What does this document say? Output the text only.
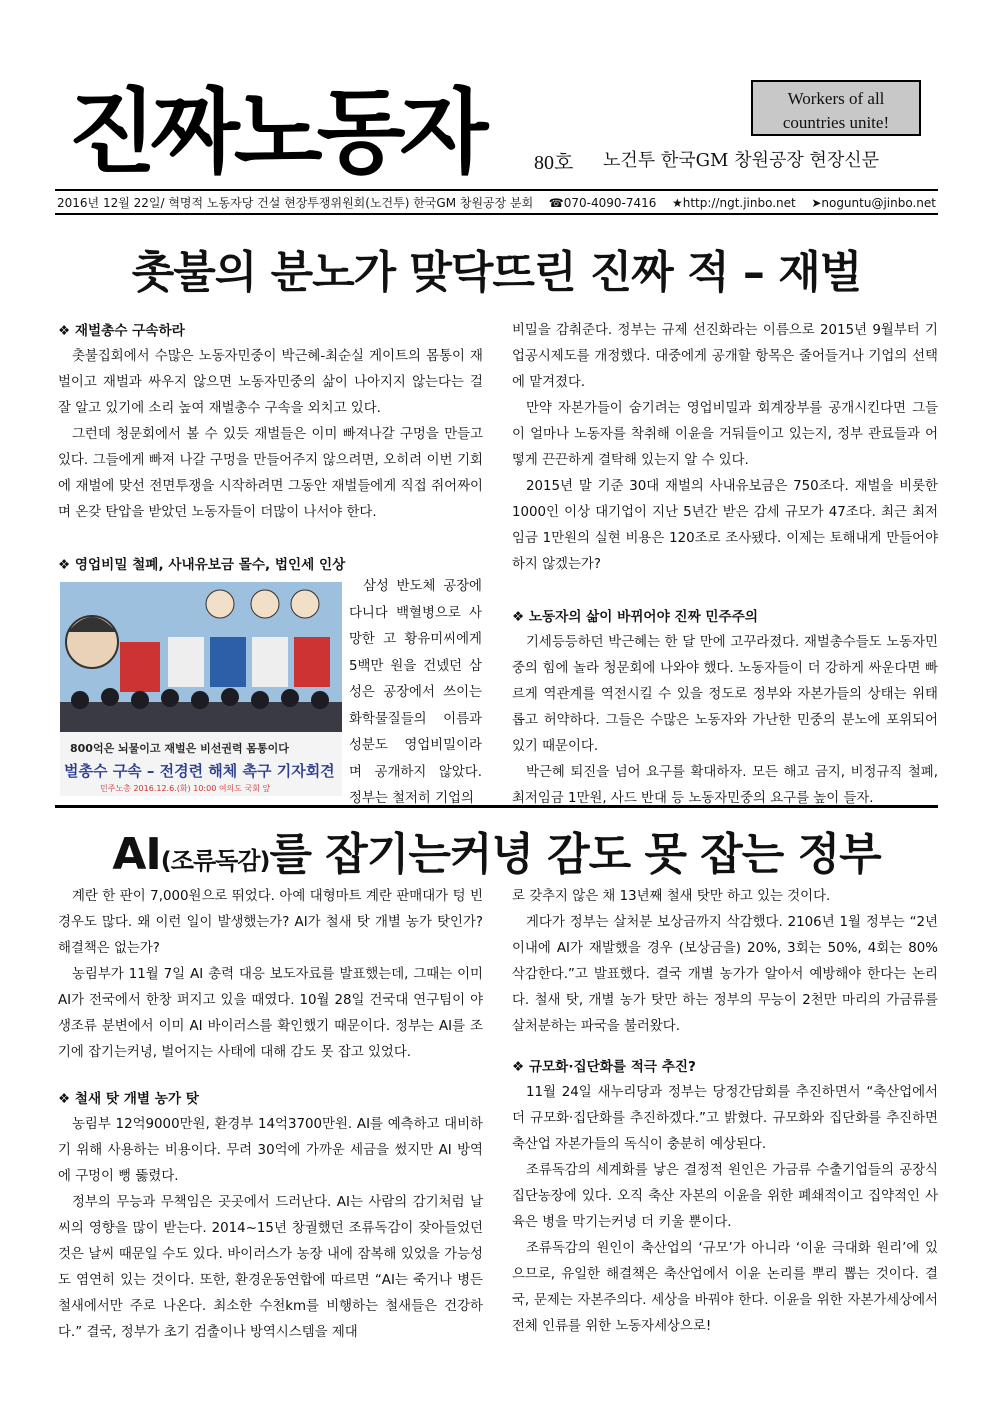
진짜노동자	Workers of all
countries unite!
80호 노건투 한국GM 창원공장 현장신문
2016년 12월 22일/ 혁명적 노동자당 건설 현장투쟁위원회(노건투) 한국GM 창원공장 분회 ☎070-4090-7416 ★http://ngt.jinbo.net ➤noguntu@jinbo.net
촛불의 분노가 맞닥뜨린 진짜 적 – 재벌
❖ 재벌총수 구속하라

촛불집회에서 수많은 노동자민중이 박근혜-최순실 게이트의 몸통이 재벌이고 재벌과 싸우지 않으면 노동자민중의 삶이 나아지지 않는다는 걸 잘 알고 있기에 소리 높여 재벌총수 구속을 외치고 있다.

그런데 청문회에서 볼 수 있듯 재벌들은 이미 빠져나갈 구멍을 만들고 있다. 그들에게 빠져 나갈 구멍을 만들어주지 않으려면, 오히려 이번 기회에 재벌에 맞선 전면투쟁을 시작하려면 그동안 재벌들에게 직접 쥐어짜이며 온갖 탄압을 받았던 노동자들이 더많이 나서야 한다.

❖ 영업비밀 철폐, 사내유보금 몰수, 법인세 인상
800억은 뇌물이고 재벌은 비선권력 몸통이다
벌총수 구속 – 전경련 해체 촉구 기자회견
민주노총 2016.12.6.(화) 10:00 여의도 국회 앞

삼성 반도체 공장에 다니다 백혈병으로 사망한 고 황유미씨에게 5백만 원을 건넸던 삼성은 공장에서 쓰이는 화학물질들의 이름과 성분도 영업비밀이라며 공개하지 않았다. 정부는 철저히 기업의

비밀을 감춰준다. 정부는 규제 선진화라는 이름으로 2015년 9월부터 기업공시제도를 개정했다. 대중에게 공개할 항목은 줄어들거나 기업의 선택에 맡겨졌다.

만약 자본가들이 숨기려는 영업비밀과 회계장부를 공개시킨다면 그들이 얼마나 노동자를 착취해 이윤을 거둬들이고 있는지, 정부 관료들과 어떻게 끈끈하게 결탁해 있는지 알 수 있다.

2015년 말 기준 30대 재벌의 사내유보금은 750조다. 재벌을 비롯한 1000인 이상 대기업이 지난 5년간 받은 감세 규모가 47조다. 최근 최저임금 1만원의 실현 비용은 120조로 조사됐다. 이제는 토해내게 만들어야 하지 않겠는가?

❖ 노동자의 삶이 바뀌어야 진짜 민주주의

기세등등하던 박근혜는 한 달 만에 고꾸라졌다. 재벌총수들도 노동자민중의 힘에 놀라 청문회에 나와야 했다. 노동자들이 더 강하게 싸운다면 빠르게 역관계를 역전시킬 수 있을 정도로 정부와 자본가들의 상태는 위태롭고 허약하다. 그들은 수많은 노동자와 가난한 민중의 분노에 포위되어 있기 때문이다.

박근혜 퇴진을 넘어 요구를 확대하자. 모든 해고 금지, 비정규직 철폐, 최저임금 1만원, 사드 반대 등 노동자민중의 요구를 높이 들자.

AI(조류독감)를 잡기는커녕 감도 못 잡는 정부

계란 한 판이 7,000원으로 뛰었다. 아예 대형마트 계란 판매대가 텅 빈 경우도 많다. 왜 이런 일이 발생했는가? AI가 철새 탓 개별 농가 탓인가? 해결책은 없는가?

농림부가 11월 7일 AI 총력 대응 보도자료를 발표했는데, 그때는 이미 AI가 전국에서 한창 퍼지고 있을 때였다. 10월 28일 건국대 연구팀이 야생조류 분변에서 이미 AI 바이러스를 확인했기 때문이다. 정부는 AI를 조기에 잡기는커녕, 벌어지는 사태에 대해 감도 못 잡고 있었다.

❖ 철새 탓 개별 농가 탓

농림부 12억9000만원, 환경부 14억3700만원. AI를 예측하고 대비하기 위해 사용하는 비용이다. 무려 30억에 가까운 세금을 썼지만 AI 방역에 구멍이 뻥 뚫렸다.

정부의 무능과 무책임은 곳곳에서 드러난다. AI는 사람의 감기처럼 날씨의 영향을 많이 받는다. 2014~15년 창궐했던 조류독감이 잦아들었던 것은 날씨 때문일 수도 있다. 바이러스가 농장 내에 잠복해 있었을 가능성도 염연히 있는 것이다. 또한, 환경운동연합에 따르면 “AI는 죽거나 병든 철새에서만 주로 나온다. 최소한 수천km를 비행하는 철새들은 건강하다.” 결국, 정부가 초기 검출이나 방역시스템을 제대

로 갖추지 않은 채 13년째 철새 탓만 하고 있는 것이다.

게다가 정부는 살처분 보상금까지 삭감했다. 2106년 1월 정부는 “2년 이내에 AI가 재발했을 경우 (보상금을) 20%, 3회는 50%, 4회는 80% 삭감한다.”고 발표했다. 결국 개별 농가가 알아서 예방해야 한다는 논리다. 철새 탓, 개별 농가 탓만 하는 정부의 무능이 2천만 마리의 가금류를 살처분하는 파국을 불러왔다.

❖ 규모화·집단화를 적극 추진?

11월 24일 새누리당과 정부는 당정간담회를 추진하면서 “축산업에서 더 규모화·집단화를 추진하겠다.”고 밝혔다. 규모화와 집단화를 추진하면 축산업 자본가들의 독식이 충분히 예상된다.

조류독감의 세계화를 낳은 결정적 원인은 가금류 수출기업들의 공장식 집단농장에 있다. 오직 축산 자본의 이윤을 위한 폐쇄적이고 집약적인 사육은 병을 막기는커녕 더 키울 뿐이다.

조류독감의 원인이 축산업의 ‘규모’가 아니라 ‘이윤 극대화 원리’에 있으므로, 유일한 해결책은 축산업에서 이윤 논리를 뿌리 뽑는 것이다. 결국, 문제는 자본주의다. 세상을 바꿔야 한다. 이윤을 위한 자본가세상에서 전체 인류를 위한 노동자세상으로!
